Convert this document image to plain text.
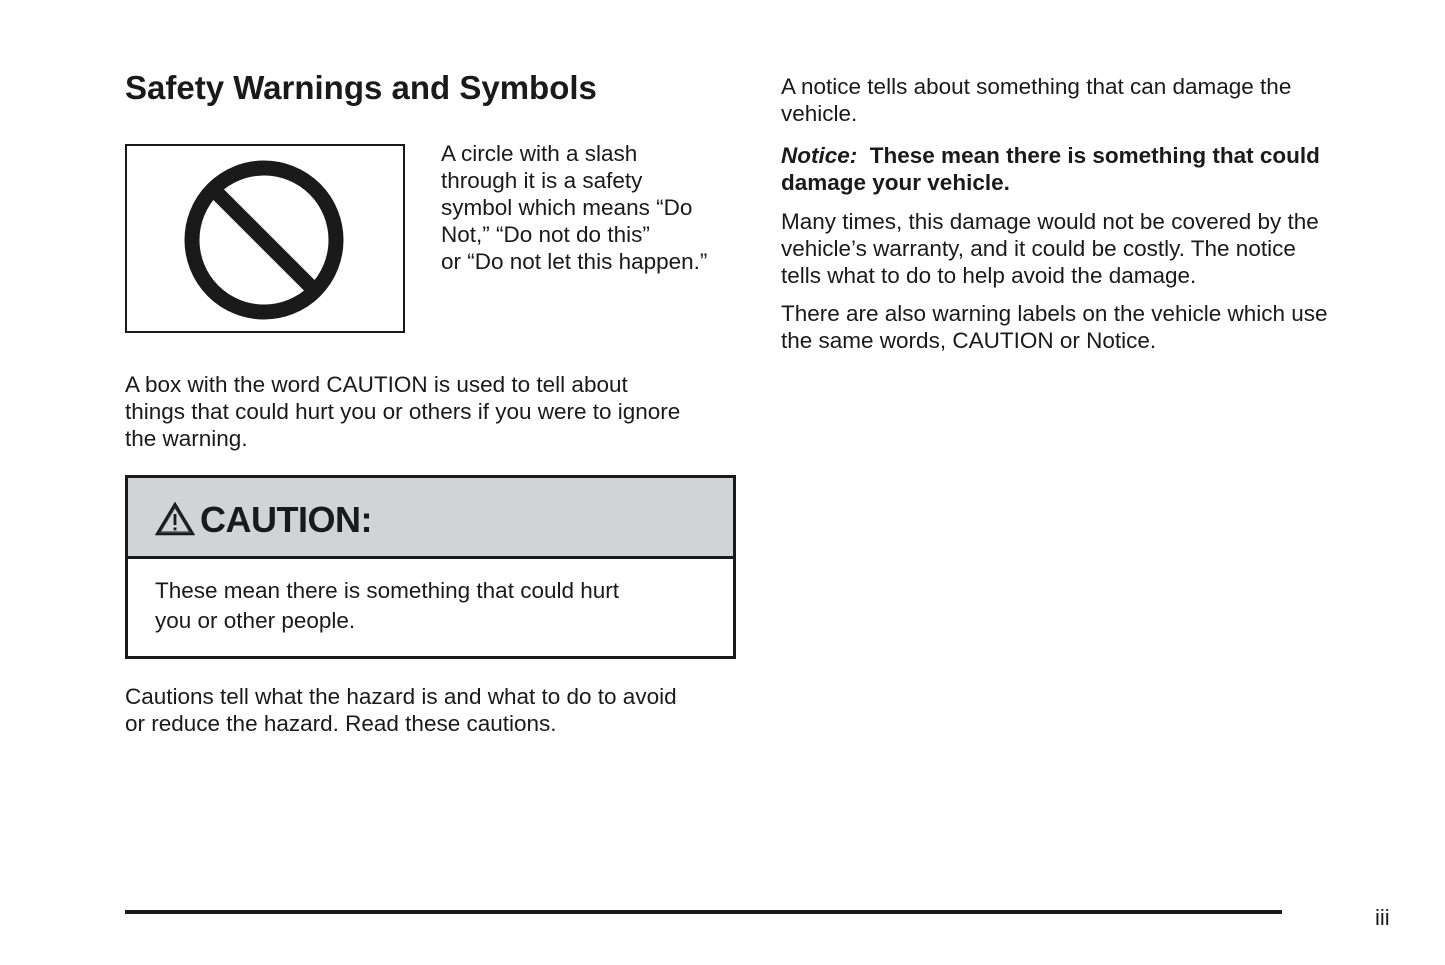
Safety Warnings and Symbols
A circle with a slash
through it is a safety
symbol which means “Do
Not,” “Do not do this”
or “Do not let this happen.”
A box with the word CAUTION is used to tell about
things that could hurt you or others if you were to ignore
the warning.
CAUTION:
These mean there is something that could hurt
you or other people.
Cautions tell what the hazard is and what to do to avoid
or reduce the hazard. Read these cautions.
A notice tells about something that can damage the
vehicle.
Notice: These mean there is something that could
damage your vehicle.
Many times, this damage would not be covered by the
vehicle’s warranty, and it could be costly. The notice
tells what to do to help avoid the damage.
There are also warning labels on the vehicle which use
the same words, CAUTION or Notice.
iii
